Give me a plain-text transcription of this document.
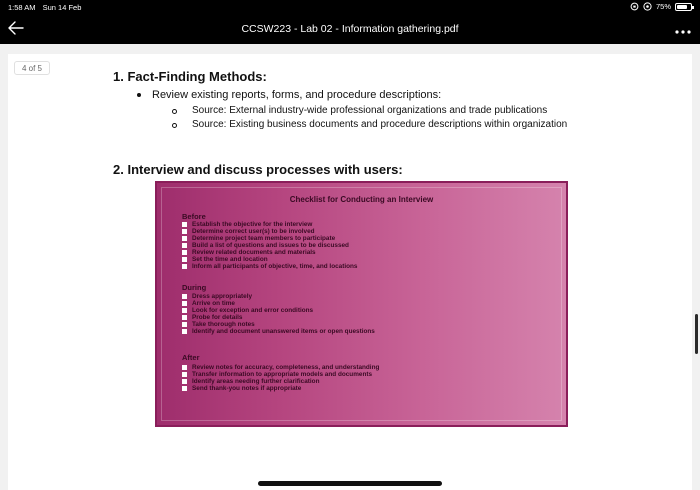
1:58 AM Sun 14 Feb	75%
CCSW223 - Lab 02 - Information gathering.pdf
4 of 5
1. Fact-Finding Methods:
Review existing reports, forms, and procedure descriptions:
Source: External industry-wide professional organizations and trade publications
Source: Existing business documents and procedure descriptions within organization
2. Interview and discuss processes with users:
Checklist for Conducting an Interview
Before
Establish the objective for the interview
Determine correct user(s) to be involved
Determine project team members to participate
Build a list of questions and issues to be discussed
Review related documents and materials
Set the time and location
Inform all participants of objective, time, and locations
During
Dress appropriately
Arrive on time
Look for exception and error conditions
Probe for details
Take thorough notes
Identify and document unanswered items or open questions
After
Review notes for accuracy, completeness, and understanding
Transfer information to appropriate models and documents
Identify areas needing further clarification
Send thank-you notes if appropriate
